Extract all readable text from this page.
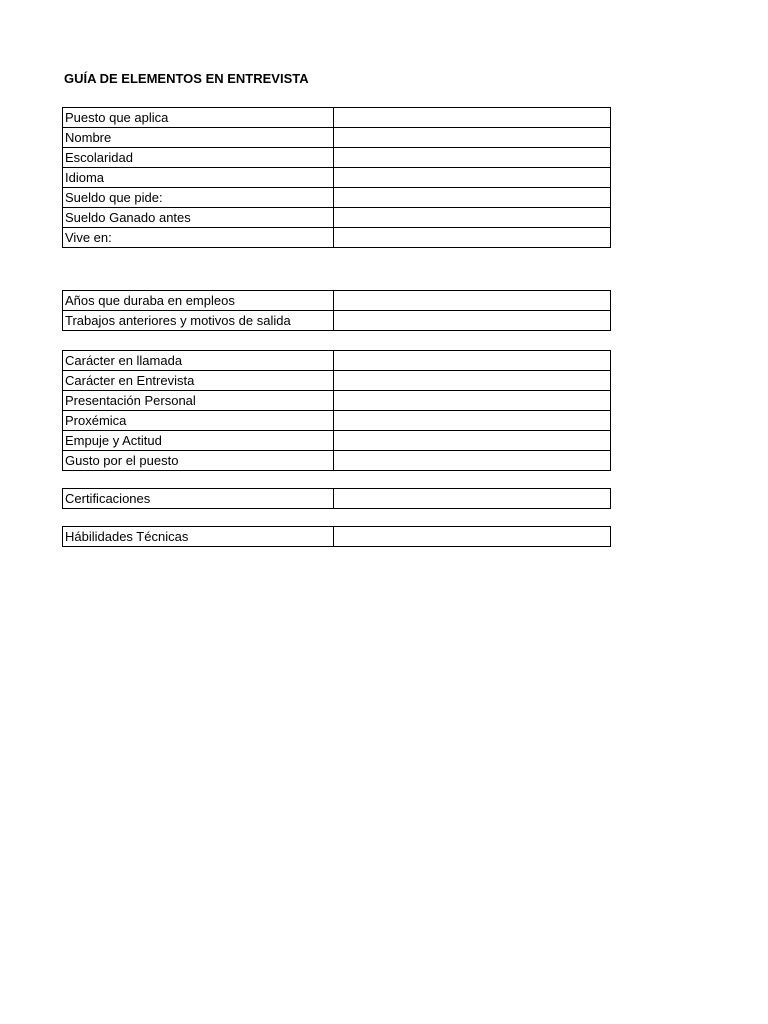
GUÍA DE ELEMENTOS EN ENTREVISTA
Puesto que aplica	
Nombre	
Escolaridad	
Idioma	
Sueldo que pide:	
Sueldo Ganado antes	
Vive en:	
Años que duraba en empleos	
Trabajos anteriores y motivos de salida	
Carácter en llamada	
Carácter en Entrevista	
Presentación Personal	
Proxémica	
Empuje y Actitud	
Gusto por el puesto	
Certificaciones	
Hábilidades Técnicas	
